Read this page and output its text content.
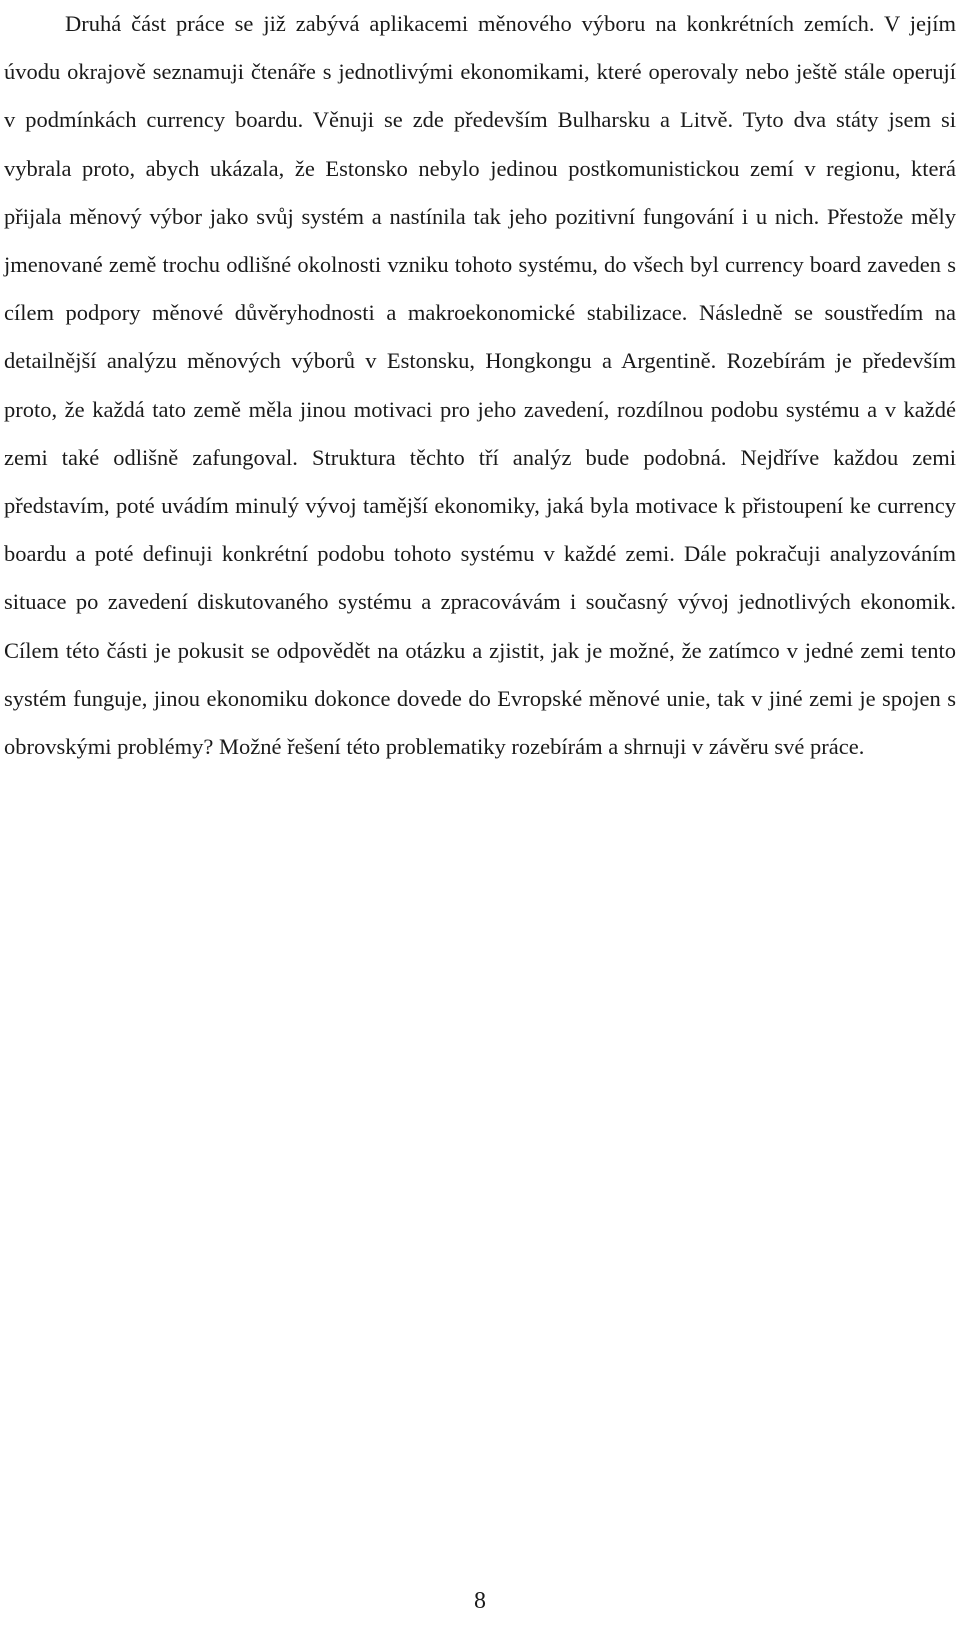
Druhá část práce se již zabývá aplikacemi měnového výboru na konkrétních zemích. V jejím úvodu okrajově seznamuji čtenáře s jednotlivými ekonomikami, které operovaly nebo ještě stále operují v podmínkách currency boardu. Věnuji se zde především Bulharsku a Litvě. Tyto dva státy jsem si vybrala proto, abych ukázala, že Estonsko nebylo jedinou postkomunistickou zemí v regionu, která přijala měnový výbor jako svůj systém a nastínila tak jeho pozitivní fungování i u nich. Přestože měly jmenované země trochu odlišné okolnosti vzniku tohoto systému, do všech byl currency board zaveden s cílem podpory měnové důvěryhodnosti a makroekonomické stabilizace. Následně se soustředím na detailnější analýzu měnových výborů v Estonsku, Hongkongu a Argentině. Rozebírám je především proto, že každá tato země měla jinou motivaci pro jeho zavedení, rozdílnou podobu systému a v každé zemi také odlišně zafungoval. Struktura těchto tří analýz bude podobná. Nejdříve každou zemi představím, poté uvádím minulý vývoj tamější ekonomiky, jaká byla motivace k přistoupení ke currency boardu a poté definuji konkrétní podobu tohoto systému v každé zemi. Dále pokračuji analyzováním situace po zavedení diskutovaného systému a zpracovávám i současný vývoj jednotlivých ekonomik. Cílem této části je pokusit se odpovědět na otázku a zjistit, jak je možné, že zatímco v jedné zemi tento systém funguje, jinou ekonomiku dokonce dovede do Evropské měnové unie, tak v jiné zemi je spojen s obrovskými problémy? Možné řešení této problematiky rozebírám a shrnuji v závěru své práce.

8
